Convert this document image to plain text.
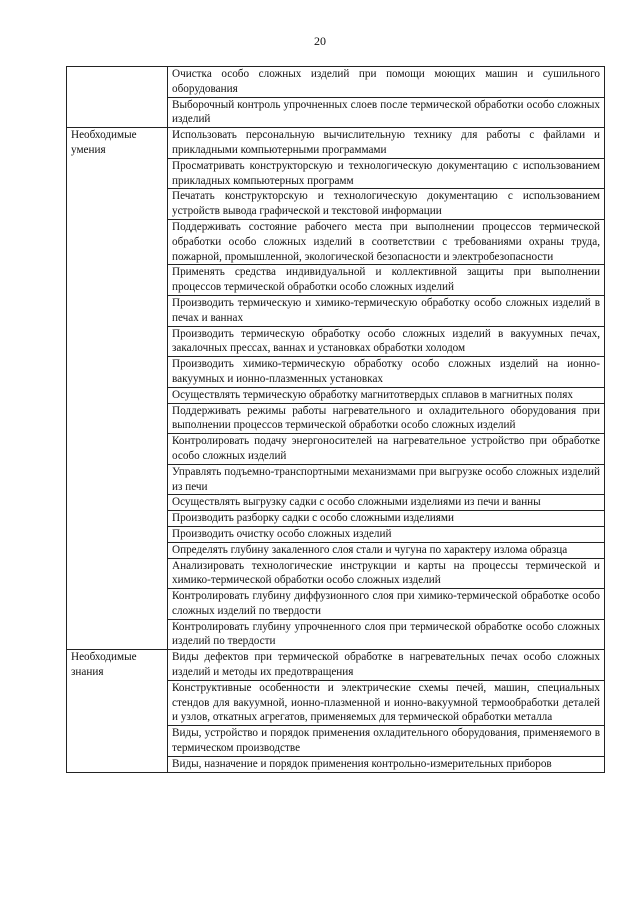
20
	Очистка особо сложных изделий при помощи моющих машин и сушильного оборудования
	Выборочный контроль упрочненных слоев после термической обработки особо сложных изделий
Необходимые умения	Использовать персональную вычислительную технику для работы с файлами и прикладными компьютерными программами
	Просматривать конструкторскую и технологическую документацию с использованием прикладных компьютерных программ
	Печатать конструкторскую и технологическую документацию с использованием устройств вывода графической и текстовой информации
	Поддерживать состояние рабочего места при выполнении процессов термической обработки особо сложных изделий в соответствии с требованиями охраны труда, пожарной, промышленной, экологической безопасности и электробезопасности
	Применять средства индивидуальной и коллективной защиты при выполнении процессов термической обработки особо сложных изделий
	Производить термическую и химико-термическую обработку особо сложных изделий в печах и ваннах
	Производить термическую обработку особо сложных изделий в вакуумных печах, закалочных прессах, ваннах и установках обработки холодом
	Производить химико-термическую обработку особо сложных изделий на ионно-вакуумных и ионно-плазменных установках
	Осуществлять термическую обработку магнитотвердых сплавов в магнитных полях
	Поддерживать режимы работы нагревательного и охладительного оборудования при выполнении процессов термической обработки особо сложных изделий
	Контролировать подачу энергоносителей на нагревательное устройство при обработке особо сложных изделий
	Управлять подъемно-транспортными механизмами при выгрузке особо сложных изделий из печи
	Осуществлять выгрузку садки с особо сложными изделиями из печи и ванны
	Производить разборку садки с особо сложными изделиями
	Производить очистку особо сложных изделий
	Определять глубину закаленного слоя стали и чугуна по характеру излома образца
	Анализировать технологические инструкции и карты на процессы термической и химико-термической обработки особо сложных изделий
	Контролировать глубину диффузионного слоя при химико-термической обработке особо сложных изделий по твердости
	Контролировать глубину упрочненного слоя при термической обработке особо сложных изделий по твердости
Необходимые знания	Виды дефектов при термической обработке в нагревательных печах особо сложных изделий и методы их предотвращения
	Конструктивные особенности и электрические схемы печей, машин, специальных стендов для вакуумной, ионно-плазменной и ионно-вакуумной термообработки деталей и узлов, откатных агрегатов, применяемых для термической обработки металла
	Виды, устройство и порядок применения охладительного оборудования, применяемого в термическом производстве
	Виды, назначение и порядок применения контрольно-измерительных приборов
